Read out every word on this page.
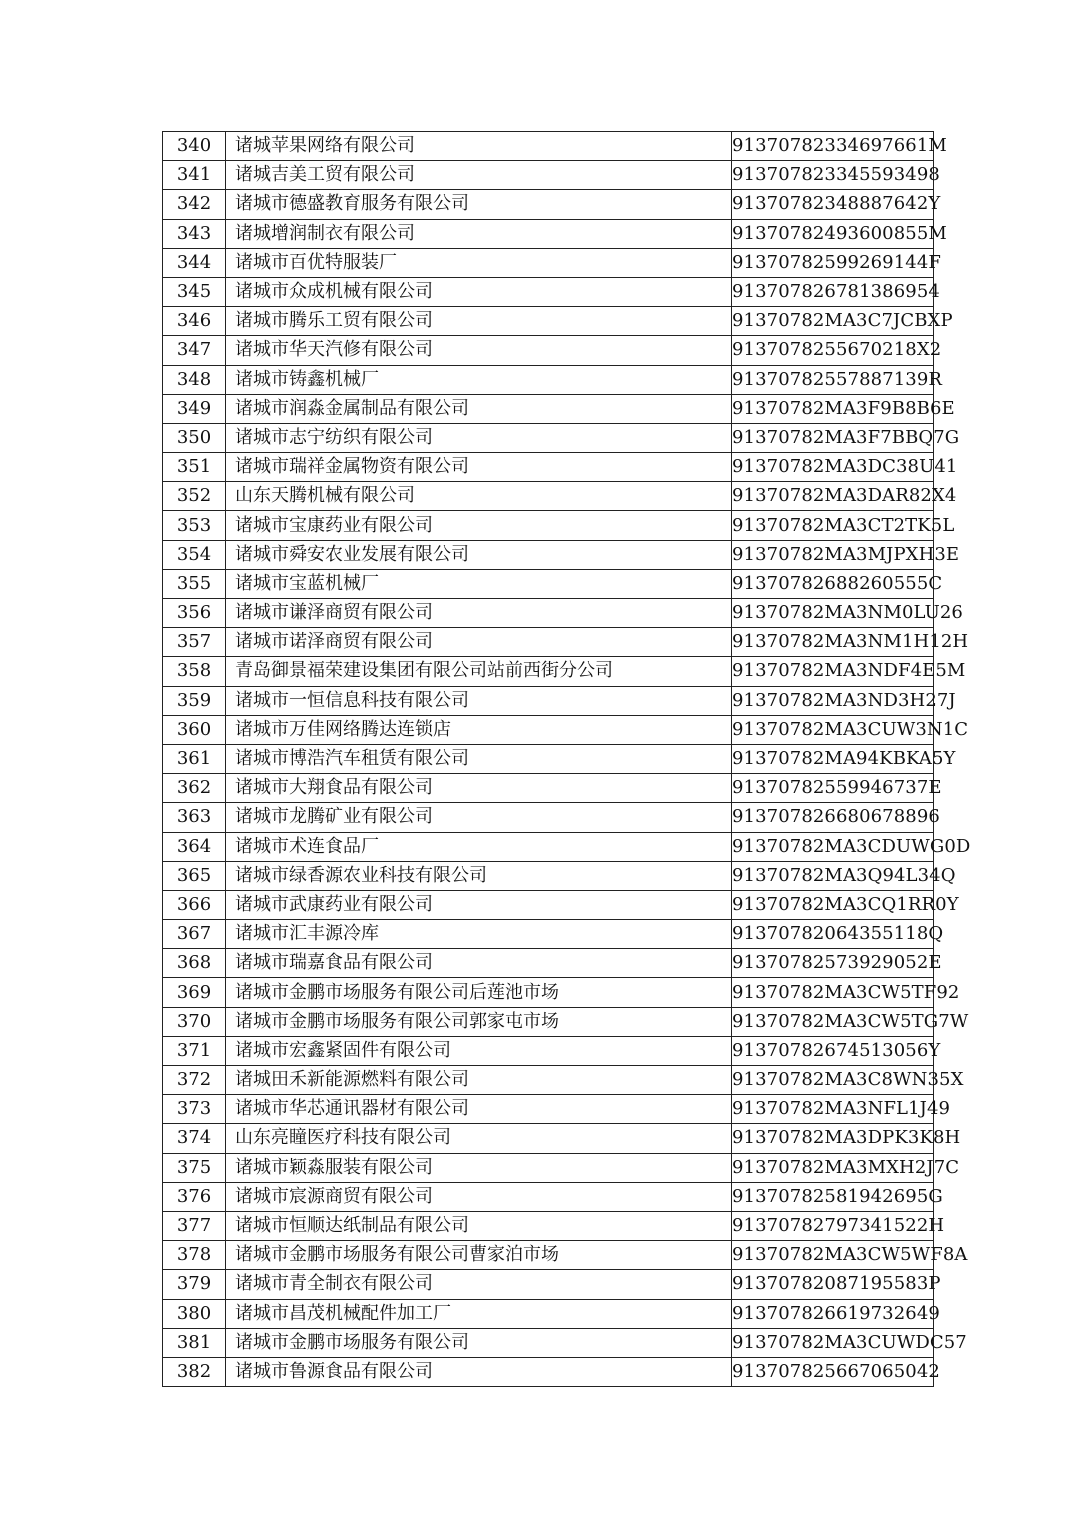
340	诸城苹果网络有限公司	91370782334697661M
341	诸城吉美工贸有限公司	913707823345593498
342	诸城市德盛教育服务有限公司	91370782348887642Y
343	诸城增润制衣有限公司	91370782493600855M
344	诸城市百优特服装厂	91370782599269144F
345	诸城市众成机械有限公司	913707826781386954
346	诸城市腾乐工贸有限公司	91370782MA3C7JCBXP
347	诸城市华天汽修有限公司	91370782556702​18X2
348	诸城市铸鑫机械厂	91370782557887139R
349	诸城市润淼金属制品有限公司	91370782MA3F9B8B6E
350	诸城市志宁纺织有限公司	91370782MA3F7BBQ7G
351	诸城市瑞祥金属物资有限公司	91370782MA3DC38U41
352	山东天腾机械有限公司	91370782MA3DAR82X4
353	诸城市宝康药业有限公司	91370782MA3CT2TK5L
354	诸城市舜安农业发展有限公司	91370782MA3MJPXH3E
355	诸城市宝蓝机械厂	91370782688260555C
356	诸城市谦泽商贸有限公司	91370782MA3NM0LU26
357	诸城市诺泽商贸有限公司	91370782MA3NM1H12H
358	青岛御景福荣建设集团有限公司站前西街分公司	91370782MA3NDF4E5M
359	诸城市一恒信息科技有限公司	91370782MA3ND3H27J
360	诸城市万佳网络腾达连锁店	91370782MA3CUW3N1C
361	诸城市博浩汽车租赁有限公司	91370782MA94KBKA5Y
362	诸城市大翔食品有限公司	91370782559946737E
363	诸城市龙腾矿业有限公司	913707826680678896
364	诸城市术连食品厂	91370782MA3CDUWG0D
365	诸城市绿香源农业科技有限公司	91370782MA3Q94L34Q
366	诸城市武康药业有限公司	91370782MA3CQ1RR0Y
367	诸城市汇丰源冷库	91370782064355118Q
368	诸城市瑞嘉食品有限公司	91370782573929052E
369	诸城市金鹏市场服务有限公司后莲池市场	91370782MA3CW5TF92
370	诸城市金鹏市场服务有限公司郭家屯市场	91370782MA3CW5TG7W
371	诸城市宏鑫紧固件有限公司	91370782674513056Y
372	诸城田禾新能源燃料有限公司	91370782MA3C8WN35X
373	诸城市华芯通讯器材有限公司	91370782MA3NFL1J49
374	山东亮瞳医疗科技有限公司	91370782MA3DPK3K8H
375	诸城市颖淼服装有限公司	91370782MA3MXH2J7C
376	诸城市宸源商贸有限公司	91370782581942695G
377	诸城市恒顺达纸制品有限公司	91370782797341522H
378	诸城市金鹏市场服务有限公司曹家泊市场	91370782MA3CW5WF8A
379	诸城市青全制衣有限公司	91370782087195583P
380	诸城市昌茂机械配件加工厂	913707826619732649
381	诸城市金鹏市场服务有限公司	91370782MA3CUWDC57
382	诸城市鲁源食品有限公司	913707825667065042
